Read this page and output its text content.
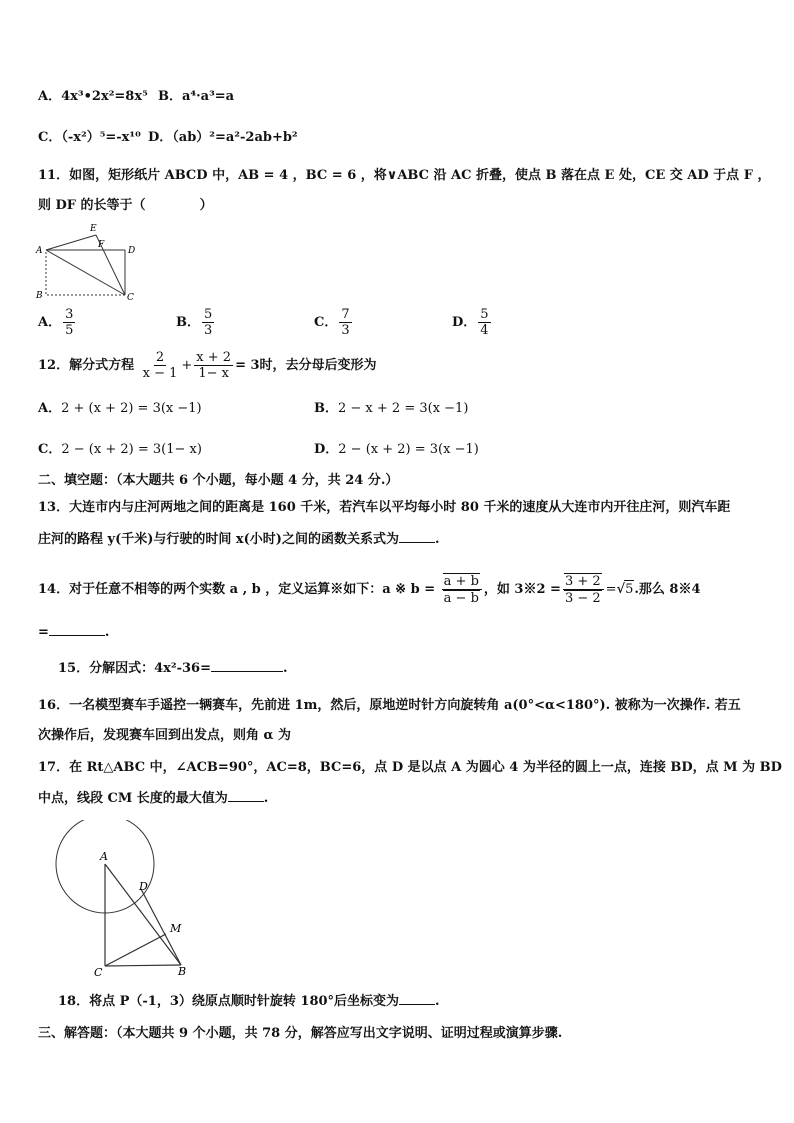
A．4x³•2x²=8x⁵ B．a⁴·a³=a
C．（-x²）⁵=-x¹⁰ D．（ab）²=a²-2ab+b²
11．如图，矩形纸片 ABCD 中，AB = 4 ，BC = 6 ，将∨ABC 沿 AC 折叠，使点 B 落在点 E 处，CE 交 AD 于点 F ，
则 DF 的长等于（	）
A
B	C
D
E
F
A． $\frac{3}{5}$	B． $\frac{5}{3}$	C． $\frac{7}{3}$	D． $\frac{5}{4}$
12．解分式方程 $\frac{2}{x - 1} + \frac{x + 2}{1- x} = 3$时，去分母后变形为
A．2 + (x + 2) = 3(x −1)	B．2 − x + 2 = 3(x −1)
C．2 − (x + 2) = 3(1− x)	D．2 − (x + 2) = 3(x −1)
二、填空题：（本大题共 6 个小题，每小题 4 分，共 24 分.）
13．大连市内与庄河两地之间的距离是 160 千米，若汽车以平均每小时 80 千米的速度从大连市内开往庄河，则汽车距
庄河的路程 y(千米)与行驶的时间 x(小时)之间的函数关系式为	.
14．对于任意不相等的两个实数 a , b ，定义运算※如下：a ※ $b = \frac{a + b}{a - b}$ ，如 3※2 = $\frac{3 + 2}{3 - 2} =√5$.那么 8※4
=	.
15．分解因式：4x²-36=	.
16．一名模型赛车手遥控一辆赛车，先前进 1m，然后，原地逆时针方向旋转角 a(0°<α<180°). 被称为一次操作. 若五
次操作后，发现赛车回到出发点，则角 α 为
17．在 Rt△ABC 中，∠ACB=90°，AC=8，BC=6，点 D 是以点 A 为圆心 4 为半径的圆上一点，连接 BD，点 M 为 BD
中点，线段 CM 长度的最大值为	.
A
C	B
D
M
18．将点 P（-1，3）绕原点顺时针旋转 180°后坐标变为	.
三、解答题：（本大题共 9 个小题，共 78 分，解答应写出文字说明、证明过程或演算步骤.
